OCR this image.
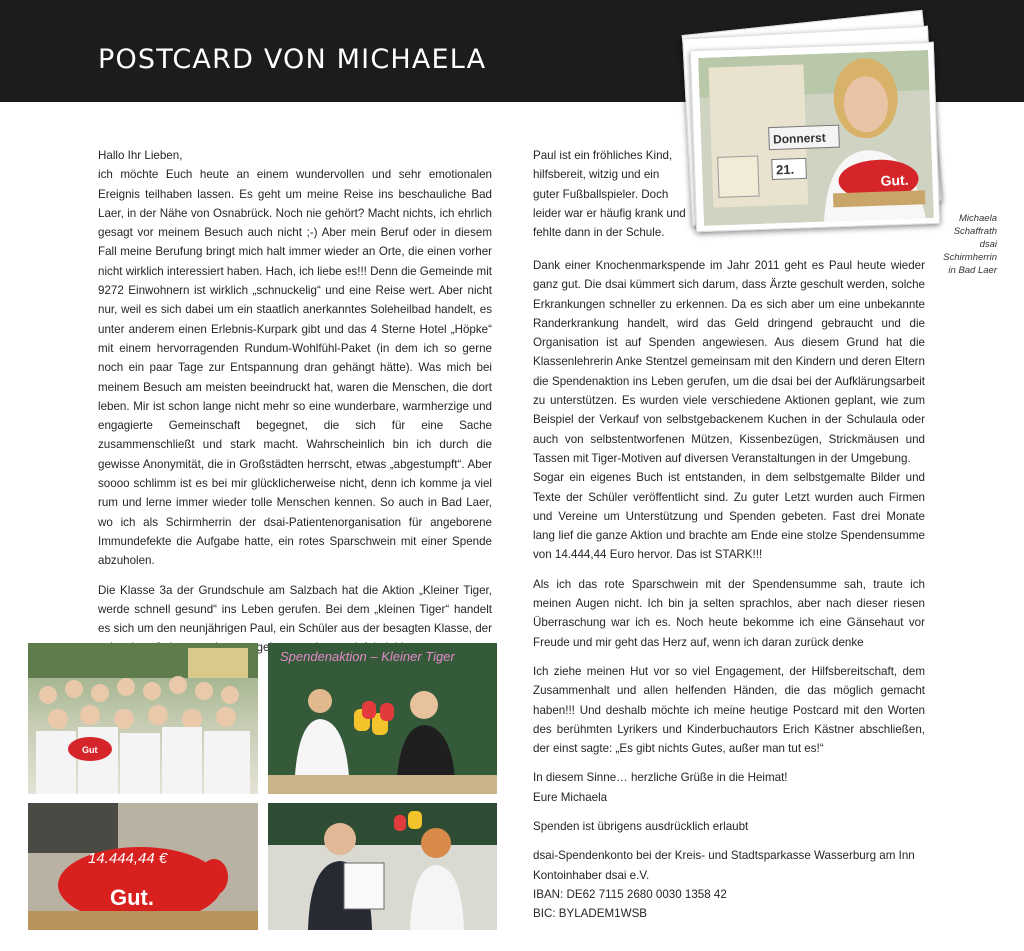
POSTCARD VON MICHAELA
Donnerst
21.
Gut.
Michaela
Schaffrath
dsai
Schirmherrin
in Bad Laer

Hallo Ihr Lieben,
ich möchte Euch heute an einem wundervollen und sehr emotionalen Ereignis teilhaben lassen. Es geht um meine Reise ins beschauliche Bad Laer, in der Nähe von Osnabrück. Noch nie gehört? Macht nichts, ich ehrlich gesagt vor meinem Besuch auch nicht ;-) Aber mein Beruf oder in diesem Fall meine Berufung bringt mich halt immer wieder an Orte, die einen vorher nicht wirklich interessiert haben. Hach, ich liebe es!!! Denn die Gemeinde mit 9272 Einwohnern ist wirklich „schnuckelig“ und eine Reise wert. Aber nicht nur, weil es sich dabei um ein staatlich anerkanntes Soleheilbad handelt, es unter anderem einen Erlebnis-Kurpark gibt und das 4 Sterne Hotel „Höpke“ mit einem hervorragenden Rundum-Wohlfühl-Paket (in dem ich so gerne noch ein paar Tage zur Entspannung dran gehängt hätte). Was mich bei meinem Besuch am meisten beeindruckt hat, waren die Menschen, die dort leben. Mir ist schon lange nicht mehr so eine wunderbare, warmherzige und engagierte Gemeinschaft begegnet, die sich für eine Sache zusammenschließt und stark macht. Wahrscheinlich bin ich durch die gewisse Anonymität, die in Großstädten herrscht, etwas „abgestumpft“. Aber soooo schlimm ist es bei mir glücklicherweise nicht, denn ich komme ja viel rum und lerne immer wieder tolle Menschen kennen. So auch in Bad Laer, wo ich als Schirmherrin der dsai-Patientenorganisation für angeborene Immundefekte die Aufgabe hatte, ein rotes Sparschwein mit einer Spende abzuholen.

Die Klasse 3a der Grundschule am Salzbach hat die Aktion „Kleiner Tiger, werde schnell gesund“ ins Leben gerufen. Bei dem „kleinen Tiger“ handelt es sich um den neunjährigen Paul, ein Schüler aus der besagten Klasse, der

Paul ist ein fröhliches Kind, hilfsbereit, witzig und ein guter Fußballspieler. Doch leider war er häufig krank und fehlte dann in der Schule.

Dank einer Knochenmarkspende im Jahr 2011 geht es Paul heute wieder ganz gut. Die dsai kümmert sich darum, dass Ärzte geschult werden, solche Erkrankungen schneller zu erkennen. Da es sich aber um eine unbekannte Randerkrankung handelt, wird das Geld dringend gebraucht und die Organisation ist auf Spenden angewiesen. Aus diesem Grund hat die Klassenlehrerin Anke Stentzel gemeinsam mit den Kindern und deren Eltern die Spendenaktion ins Leben gerufen, um die dsai bei der Aufklärungsarbeit zu unterstützen. Es wurden viele verschiedene Aktionen geplant, wie zum Beispiel der Verkauf von selbstgebackenem Kuchen in der Schulaula oder auch von selbstentworfenen Mützen, Kissenbezügen, Strickmäusen und Tassen mit Tiger-Motiven auf diversen Veranstaltungen in der Umgebung.
Sogar ein eigenes Buch ist entstanden, in dem selbstgemalte Bilder und Texte der Schüler veröffentlicht sind. Zu guter Letzt wurden auch Firmen und Vereine um Unterstützung und Spenden gebeten. Fast drei Monate lang lief die ganze Aktion und brachte am Ende eine stolze Spendensumme von 14.444,44 Euro hervor. Das ist STARK!!!

Als ich das rote Sparschwein mit der Spendensumme sah, traute ich meinen Augen nicht. Ich bin ja selten sprachlos, aber nach dieser riesen Überraschung war ich es. Noch heute bekomme ich eine Gänsehaut vor Freude und mir geht das Herz auf, wenn ich daran zurück denke

Ich ziehe meinen Hut vor so viel Engagement, der Hilfsbereitschaft, dem Zusammenhalt und allen helfenden Händen, die das möglich gemacht haben!!! Und deshalb möchte ich meine heutige Postcard mit den Worten des berühmten Lyrikers und Kinderbuchautors Erich Kästner abschließen, der einst sagte: „Es gibt nichts Gutes, außer man tut es!“

In diesem Sinne… herzliche Grüße in die Heimat!
Eure Michaela

Spenden ist übrigens ausdrücklich erlaubt

dsai-Spendenkonto bei der Kreis- und Stadtsparkasse Wasserburg am Inn
Kontoinhaber dsai e.V.
IBAN: DE62 7115 2680 0030 1358 42
BIC: BYLADEM1WSB

Gut
Spendenaktion – Kleiner Tiger
14.444,44 €
Gut.
